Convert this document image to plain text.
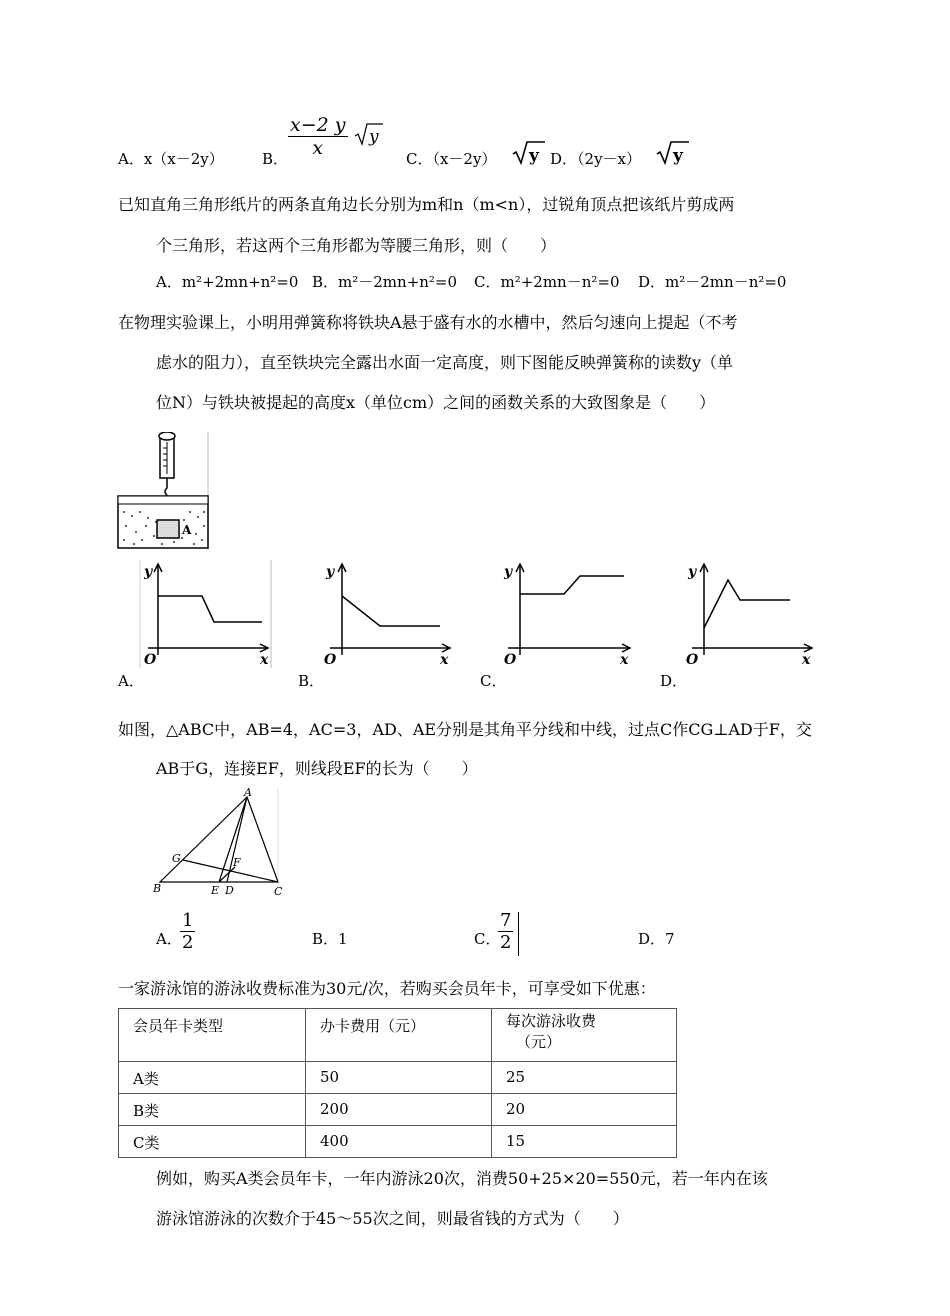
A．x（x－2y）	B． $\frac{x-2 y}{x}$ y
C．（x－2y） y D．（2y－x） y
已知直角三角形纸片的两条直角边长分别为m和n（m<n），过锐角顶点把该纸片剪成两
个三角形，若这两个三角形都为等腰三角形，则（　　）
A．m²+2mn+n²=0 B．m²－2mn+n²=0 C．m²+2mn－n²=0 D．m²－2mn－n²=0
在物理实验课上，小明用弹簧称将铁块A悬于盛有水的水槽中，然后匀速向上提起（不考
虑水的阻力），直至铁块完全露出水面一定高度，则下图能反映弹簧称的读数y（单
位N）与铁块被提起的高度x（单位cm）之间的函数关系的大致图象是（　　）
A
y
O	x
y
O	x
y
O	x
y
O	x
A．	B．	C．	D．
如图，△ABC中，AB=4，AC=3，AD、AE分别是其角平分线和中线，过点C作CG⊥AD于F，交
AB于G，连接EF，则线段EF的长为（　　）
A
B	C
D
E
F
G
A．
$\frac{1}{2}$	B．1	C．
$\frac{7}{2}$	D．7
一家游泳馆的游泳收费标准为30元/次，若购买会员年卡，可享受如下优惠：
会员年卡类型	办卡费用（元）	每次游泳收费
（元）

A类	50	25
B类	200	20
C类	400	15
例如，购买A类会员年卡，一年内游泳20次，消费50+25×20=550元，若一年内在该
游泳馆游泳的次数介于45～55次之间，则最省钱的方式为（　　）
